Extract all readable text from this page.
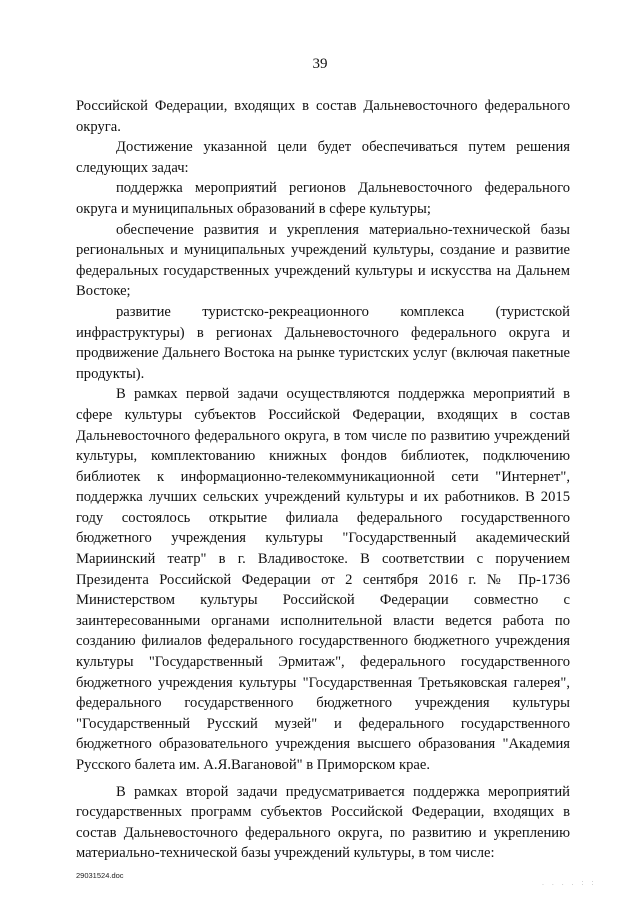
39

Российской Федерации, входящих в состав Дальневосточного федерального округа.

Достижение указанной цели будет обеспечиваться путем решения следующих задач:

поддержка мероприятий регионов Дальневосточного федерального округа и муниципальных образований в сфере культуры;

обеспечение развития и укрепления материально-технической базы региональных и муниципальных учреждений культуры, создание и развитие федеральных государственных учреждений культуры и искусства на Дальнем Востоке;

развитие туристско-рекреационного комплекса (туристской инфраструктуры) в регионах Дальневосточного федерального округа и продвижение Дальнего Востока на рынке туристских услуг (включая пакетные продукты).

В рамках первой задачи осуществляются поддержка мероприятий в сфере культуры субъектов Российской Федерации, входящих в состав Дальневосточного федерального округа, в том числе по развитию учреждений культуры, комплектованию книжных фондов библиотек, подключению библиотек к информационно-телекоммуникационной сети "Интернет", поддержка лучших сельских учреждений культуры и их работников. В 2015 году состоялось открытие филиала федерального государственного бюджетного учреждения культуры "Государственный академический Мариинский театр" в г. Владивостоке. В соответствии с поручением Президента Российской Федерации от 2 сентября 2016 г. № Пр-1736 Министерством культуры Российской Федерации совместно с заинтересованными органами исполнительной власти ведется работа по созданию филиалов федерального государственного бюджетного учреждения культуры "Государственный Эрмитаж", федерального государственного бюджетного учреждения культуры "Государственная Третьяковская галерея", федерального государственного бюджетного учреждения культуры "Государственный Русский музей" и федерального государственного бюджетного образовательного учреждения высшего образования "Академия Русского балета им. А.Я.Вагановой" в Приморском крае.

В рамках второй задачи предусматривается поддержка мероприятий государственных программ субъектов Российской Федерации, входящих в состав Дальневосточного федерального округа, по развитию и укреплению материально-технической базы учреждений культуры, в том числе:

29031524.doc
. . . . : :
